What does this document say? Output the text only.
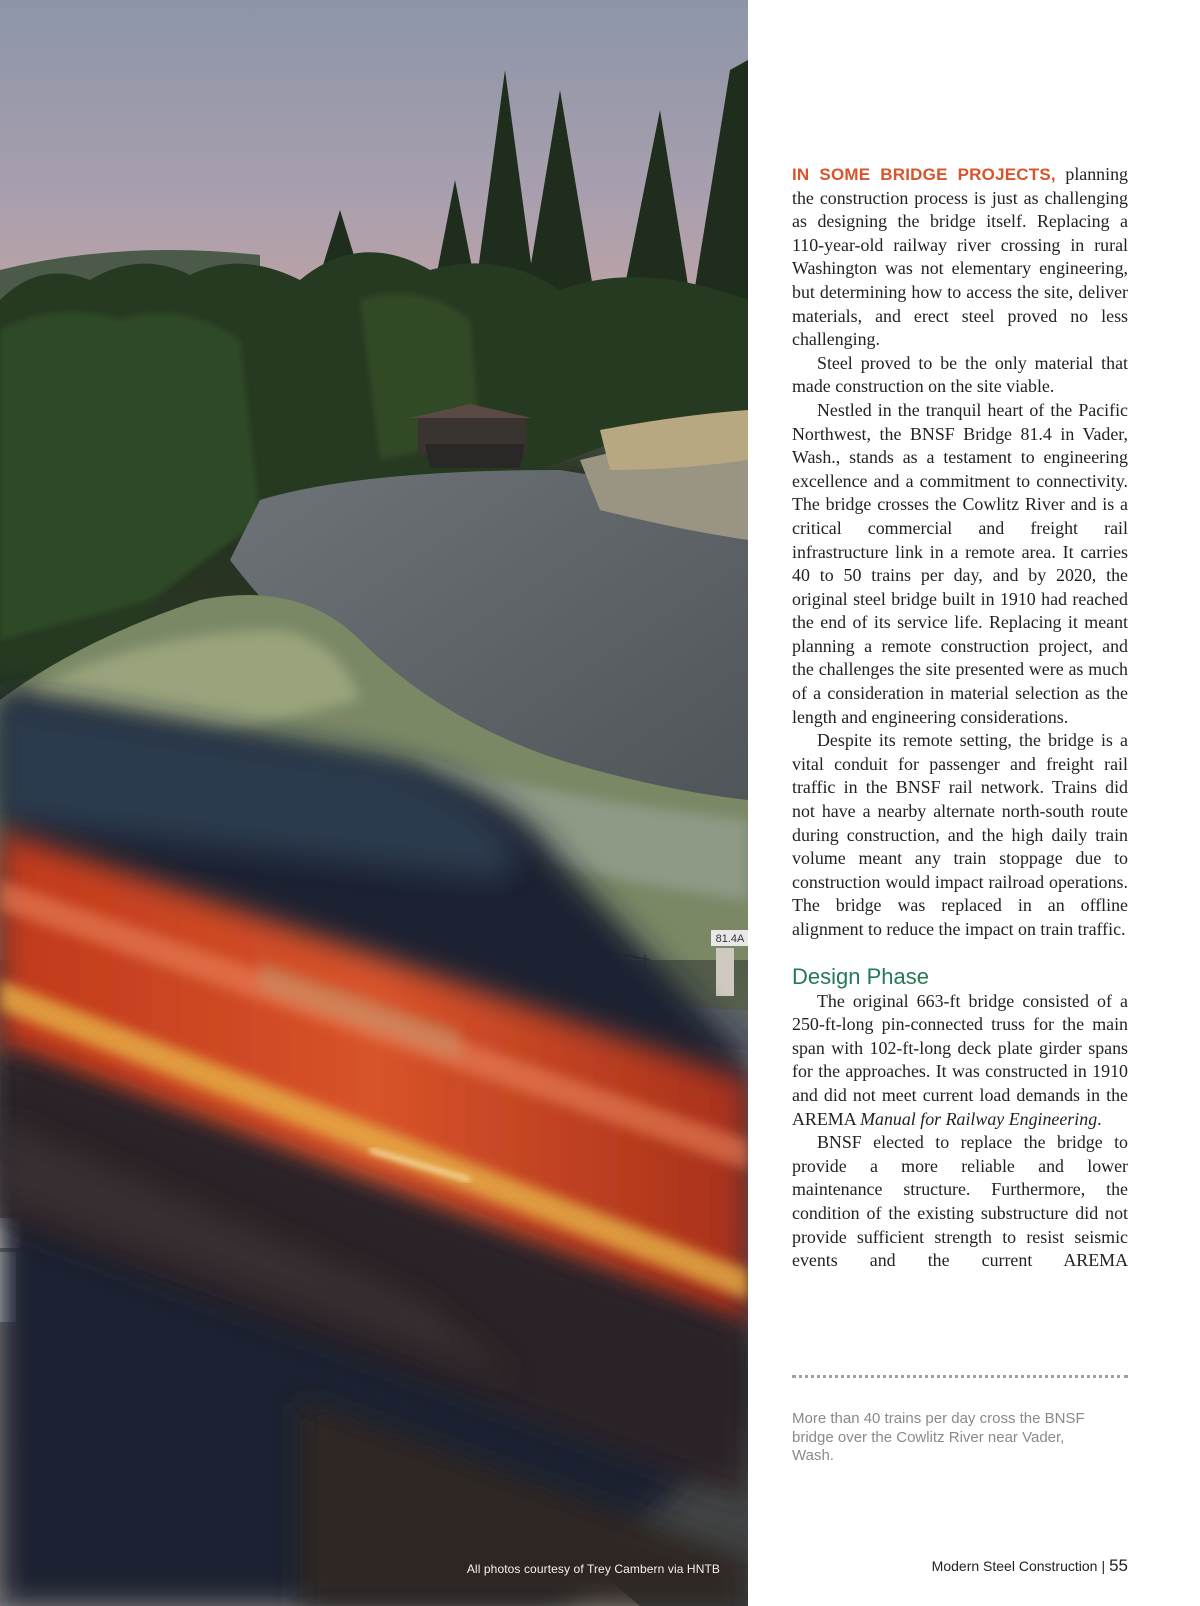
81.4A
All photos courtesy of Trey Cambern via HNTB

IN SOME BRIDGE PROJECTS, planning the construction process is just as challenging as designing the bridge itself. Replacing a 110-year-old railway river crossing in rural Washington was not elementary engineering, but determining how to access the site, deliver materials, and erect steel proved no less challenging.

Steel proved to be the only material that made construction on the site viable.

Nestled in the tranquil heart of the Pacific Northwest, the BNSF Bridge 81.4 in Vader, Wash., stands as a testament to engineering excellence and a commitment to connectivity. The bridge crosses the Cowlitz River and is a critical commercial and freight rail infrastructure link in a remote area. It carries 40 to 50 trains per day, and by 2020, the original steel bridge built in 1910 had reached the end of its service life. Replacing it meant planning a remote construction project, and the challenges the site presented were as much of a consideration in material selection as the length and engineering considerations.

Despite its remote setting, the bridge is a vital conduit for passenger and freight rail traffic in the BNSF rail network. Trains did not have a nearby alternate north-south route during construction, and the high daily train volume meant any train stoppage due to construction would impact railroad operations. The bridge was replaced in an offline alignment to reduce the impact on train traffic.

Design Phase

The original 663-ft bridge consisted of a 250-ft-long pin-connected truss for the main span with 102-ft-long deck plate girder spans for the approaches. It was constructed in 1910 and did not meet current load demands in the AREMA Manual for Railway Engineering.

BNSF elected to replace the bridge to provide a more reliable and lower maintenance structure. Furthermore, the condition of the existing substructure did not provide sufficient strength to resist seismic events and the current AREMA

More than 40 trains per day cross the BNSF bridge over the Cowlitz River near Vader, Wash.
Modern Steel Construction | 55
